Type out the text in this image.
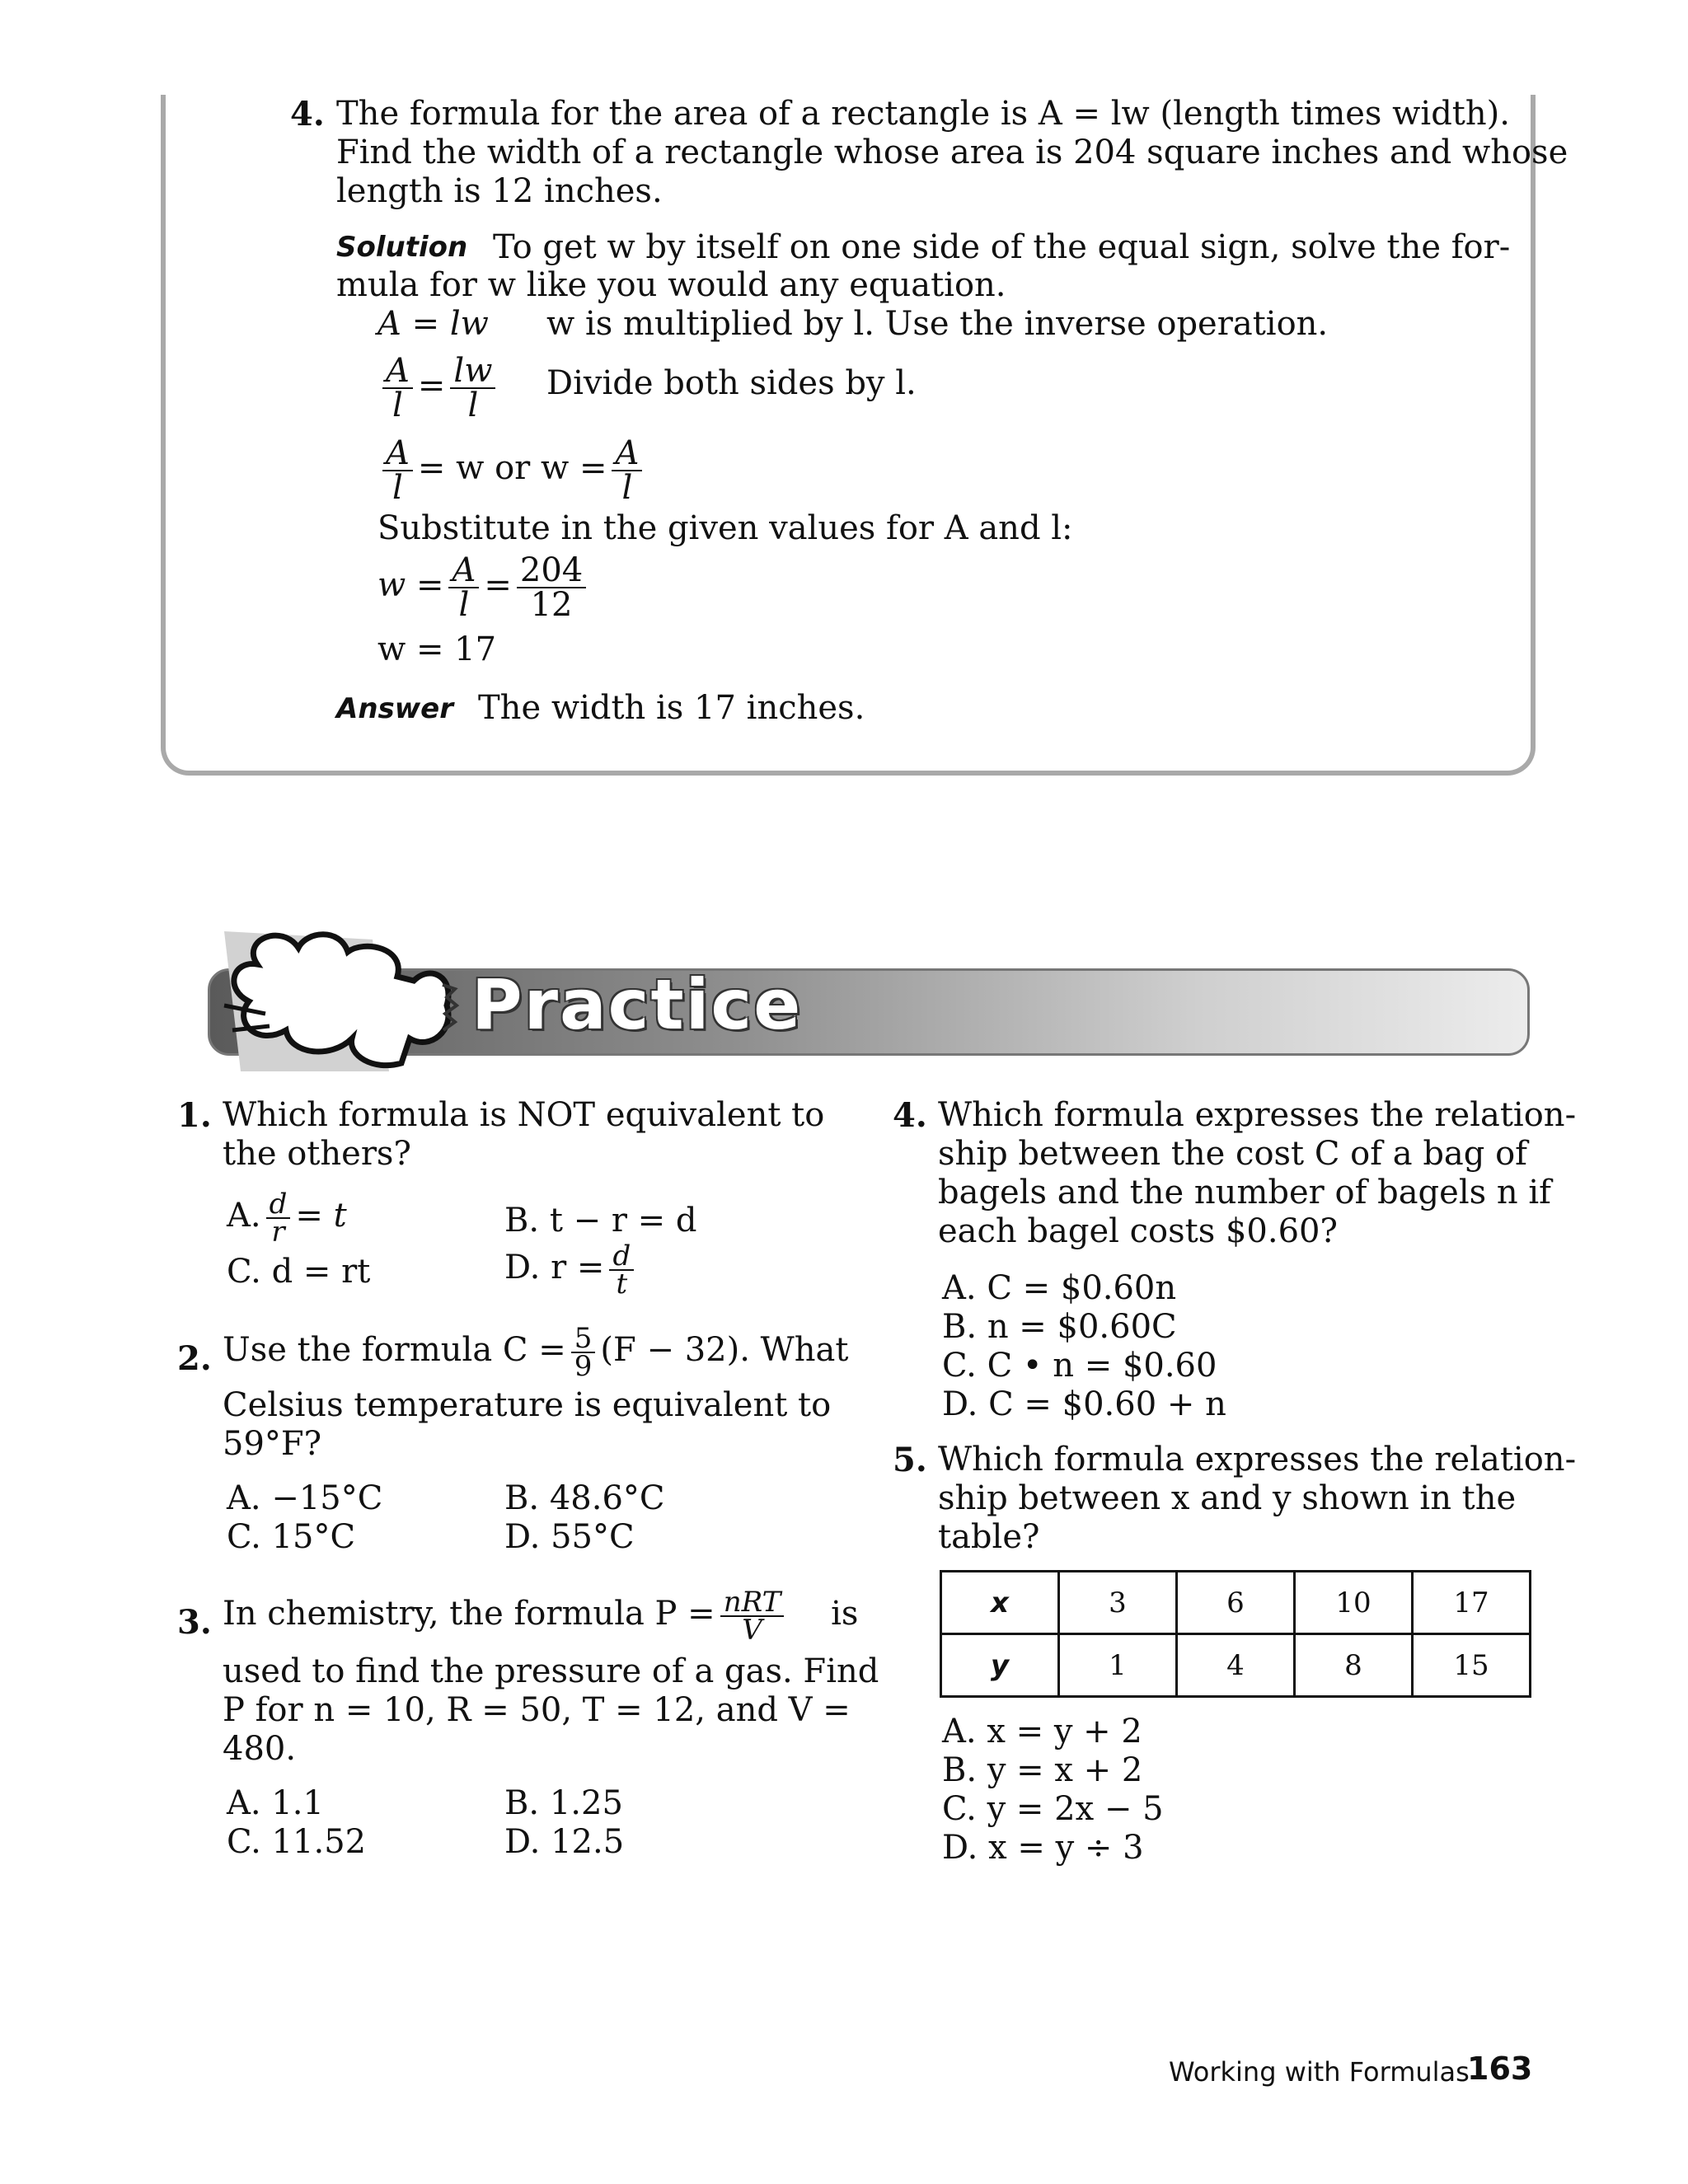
4. The formula for the area of a rectangle is A = lw (length times width).
Find the width of a rectangle whose area is 204 square inches and whose
length is 12 inches.
Solution To get w by itself on one side of the equal sign, solve the for-
mula for w like you would any equation.
A = lw w is multiplied by l. Use the inverse operation.
$\frac{A}{l} = \frac{lw}{l}$ Divide both sides by l.
$\frac{A}{l} = w$ or $w = \frac{A}{l}$
Substitute in the given values for A and l:
$w = \frac{A}{l} = \frac{204}{12}$
w = 17
Answer The width is 17 inches.
Practice
1. Which formula is NOT equivalent to
the others?
A. $\frac{d}{r} = t$	B. t − r = d
C. d = rt	D. $r = \frac{d}{t}$
2. Use the formula $C = \frac{5}{9} (F - 32)$. What
Celsius temperature is equivalent to
59°F?
A. −15°C	B. 48.6°C
C. 15°C	D. 55°C
3. In chemistry, the formula $P = \frac{\text{nRT}}{V}$ is
used to find the pressure of a gas. Find
P for n = 10, R = 50, T = 12, and V =
480.
A. 1.1	B. 1.25
C. 11.52	D. 12.5
4. Which formula expresses the relation-
ship between the cost C of a bag of
bagels and the number of bagels n if
each bagel costs $0.60?
A. C = $0.60n
B. n = $0.60C
C. C • n = $0.60
D. C = $0.60 + n
5. Which formula expresses the relation-
ship between x and y shown in the
table?
x	3	6	10	17
y	1	4	8	15
A. x = y + 2
B. y = x + 2
C. y = 2x − 5
D. x = y ÷ 3
Working with Formulas
163
